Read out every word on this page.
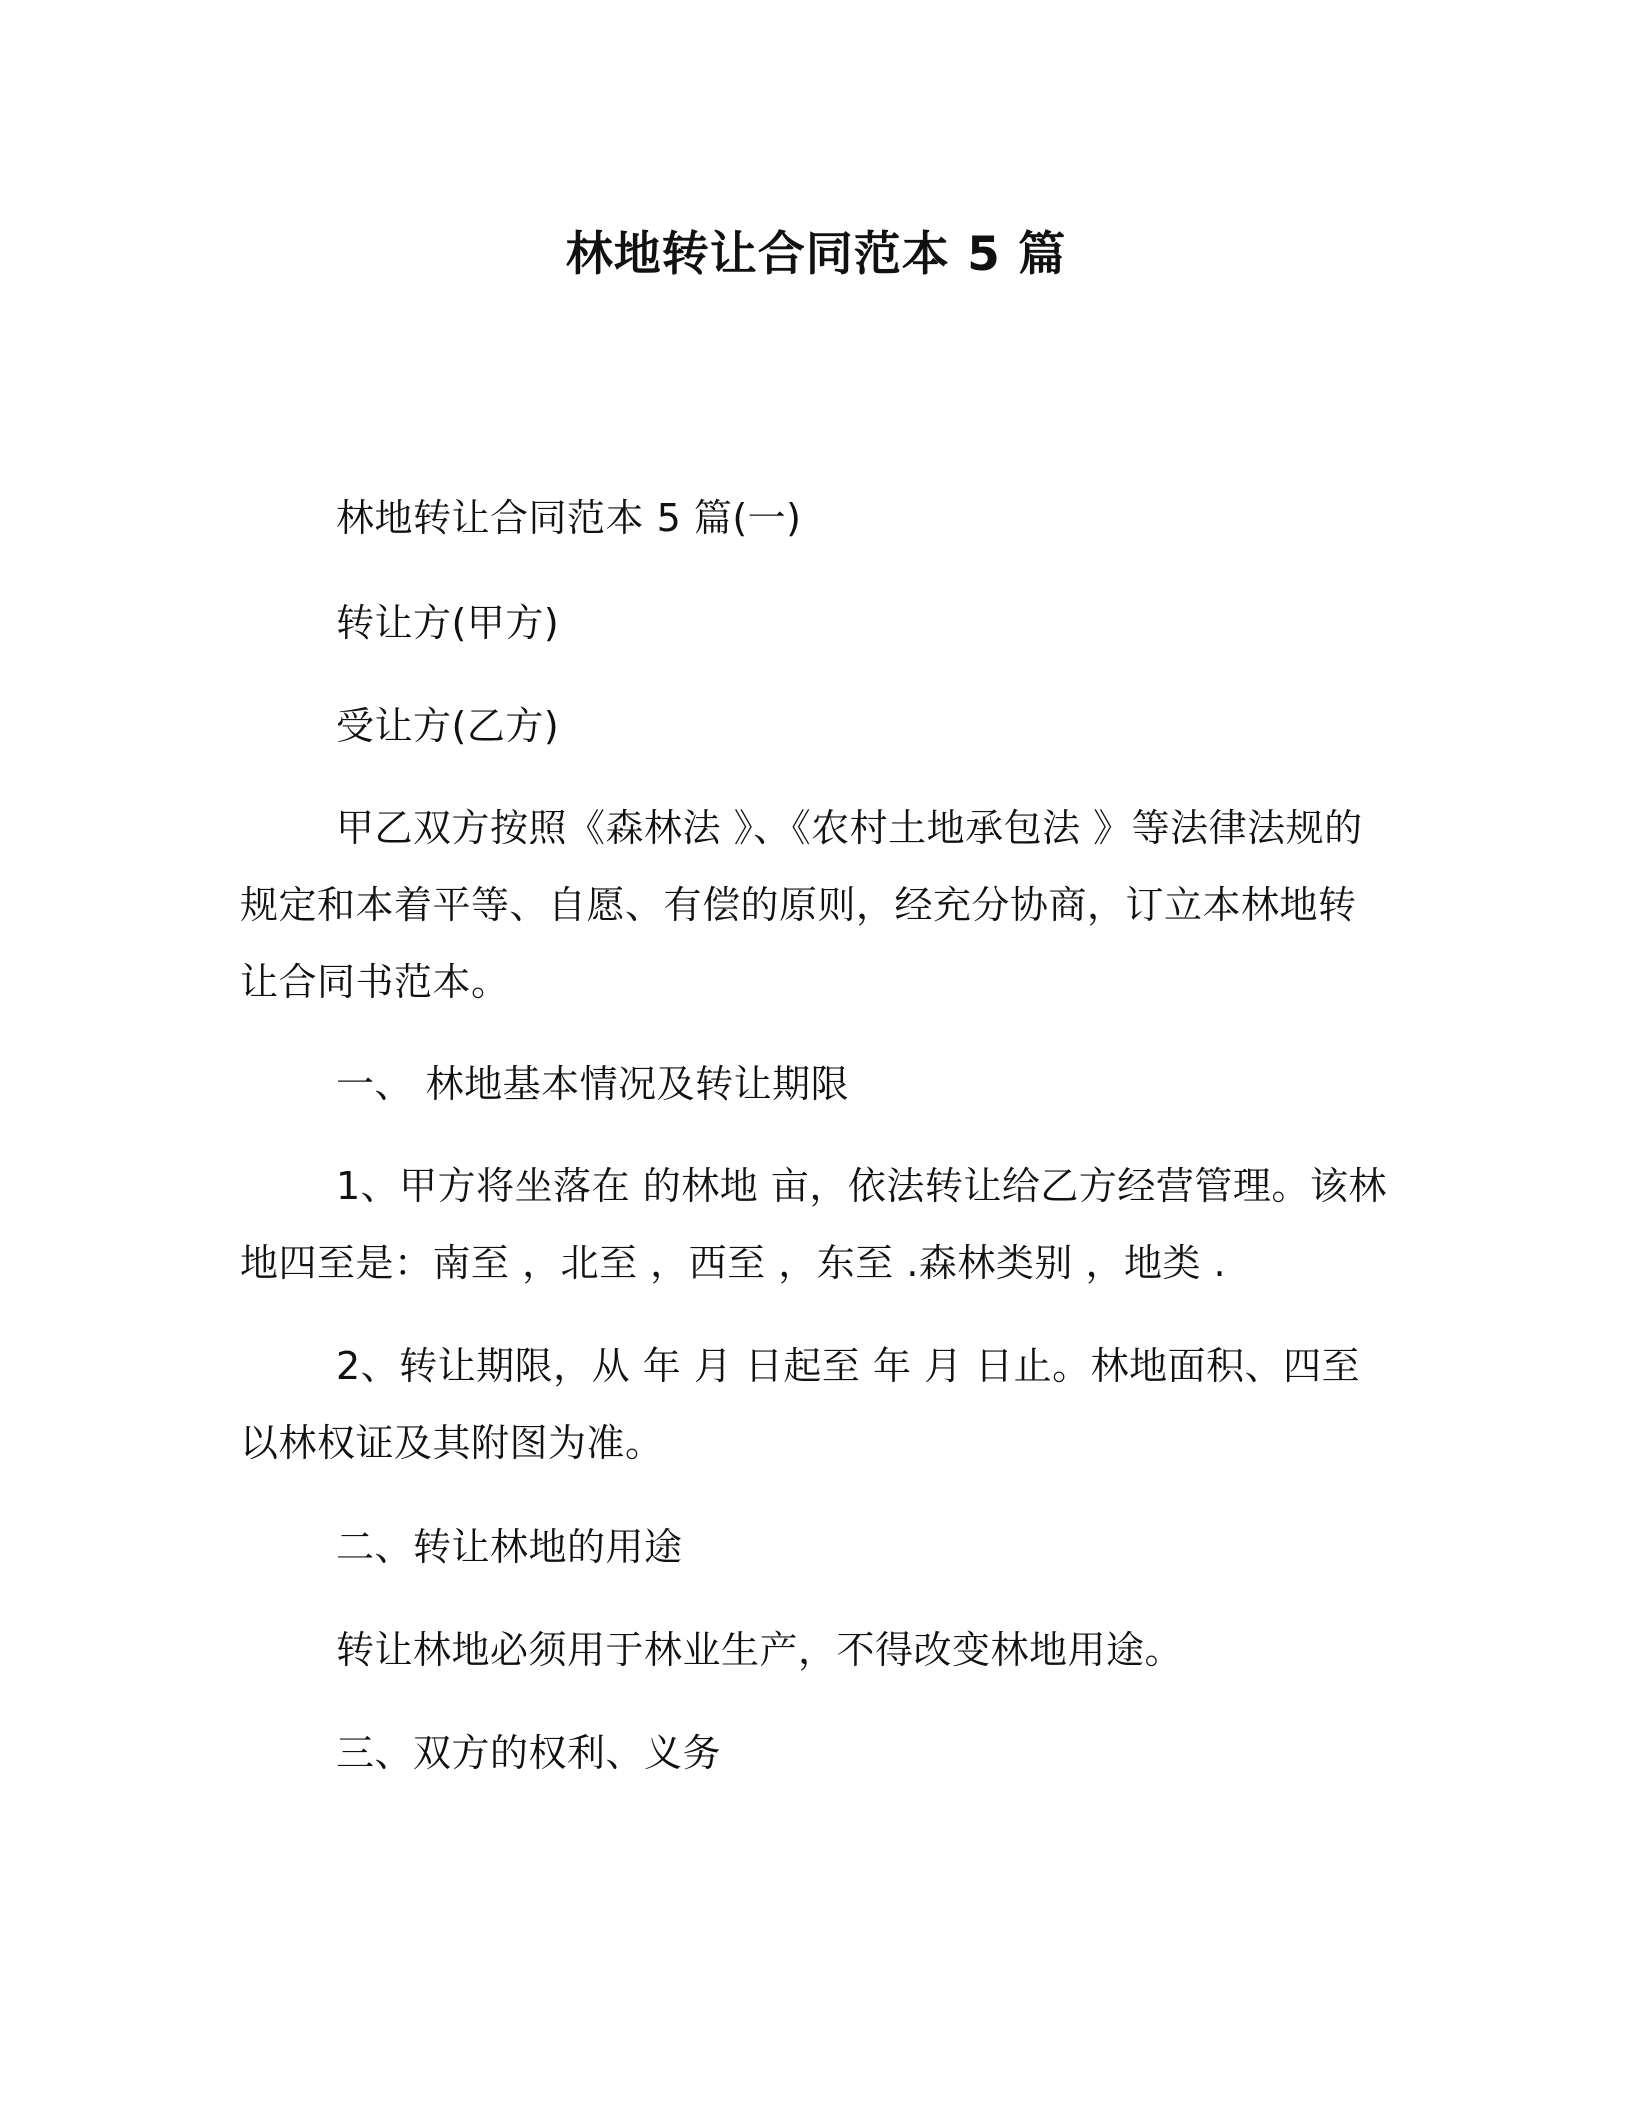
林地转让合同范本 5 篇
林地转让合同范本 5 篇(一)
转让方(甲方)
受让方(乙方)

甲乙双方按照《森林法 》、《农村土地承包法 》等法律法规的规定和本着平等、自愿、有偿的原则，经充分协商，订立本林地转让合同书范本。

一、 林地基本情况及转让期限

1、甲方将坐落在 的林地 亩，依法转让给乙方经营管理。该林地四至是：南至 ，北至 ，西至 ，东至 .森林类别 ，地类 .

2、转让期限，从 年 月 日起至 年 月 日止。林地面积、四至以林权证及其附图为准。

二、转让林地的用途
转让林地必须用于林业生产，不得改变林地用途。
三、双方的权利、义务
